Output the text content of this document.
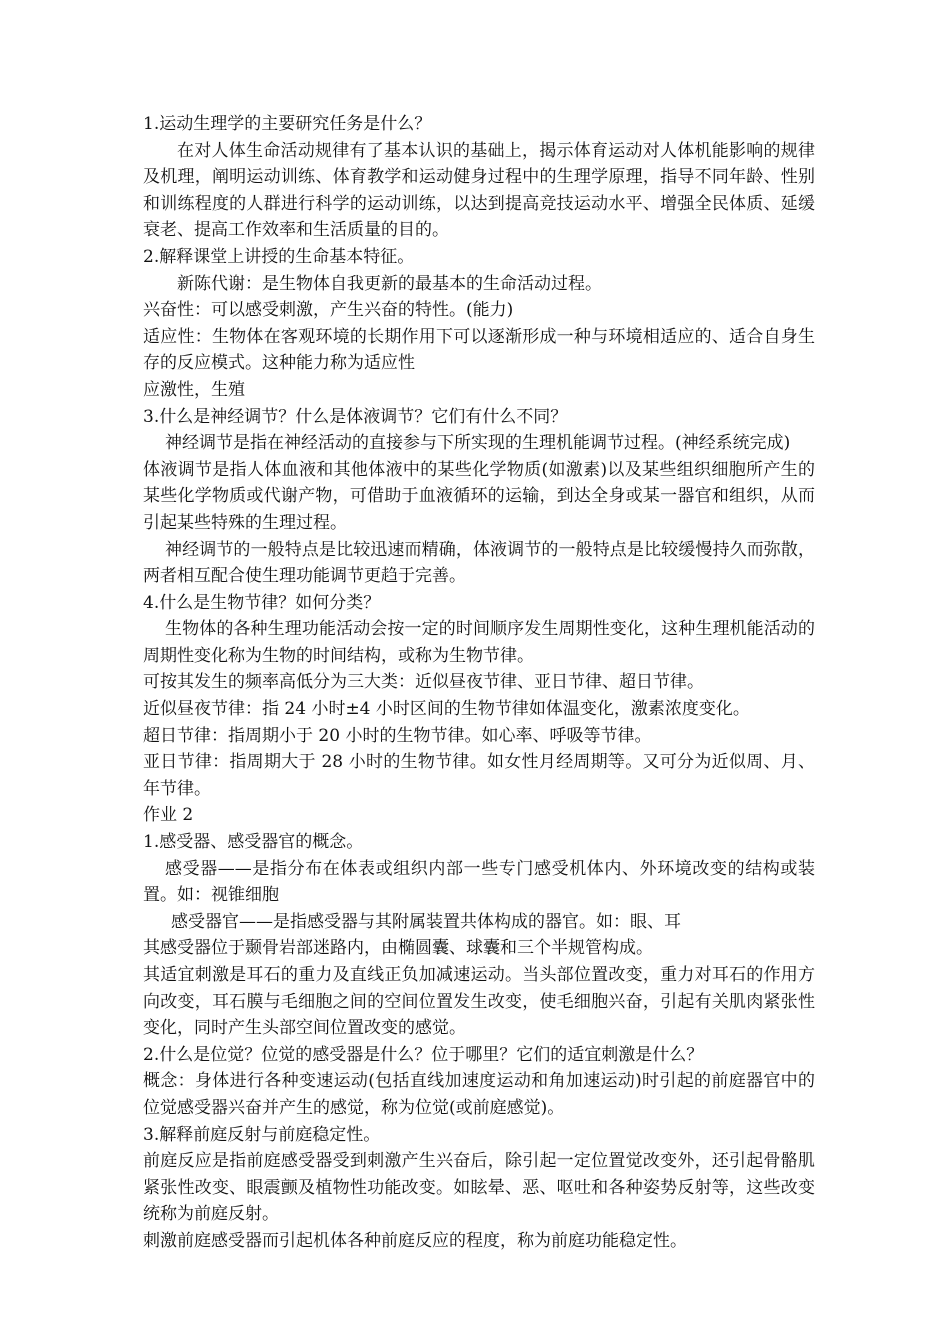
1.运动生理学的主要研究任务是什么？

在对人体生命活动规律有了基本认识的基础上，揭示体育运动对人体机能影响的规律及机理，阐明运动训练、体育教学和运动健身过程中的生理学原理，指导不同年龄、性别和训练程度的人群进行科学的运动训练，以达到提高竞技运动水平、增强全民体质、延缓衰老、提高工作效率和生活质量的目的。

2.解释课堂上讲授的生命基本特征。

新陈代谢：是生物体自我更新的最基本的生命活动过程。

兴奋性：可以感受刺激，产生兴奋的特性。(能力)

适应性：生物体在客观环境的长期作用下可以逐渐形成一种与环境相适应的、适合自身生存的反应模式。这种能力称为适应性

应激性，生殖

3.什么是神经调节？什么是体液调节？它们有什么不同？

神经调节是指在神经活动的直接参与下所实现的生理机能调节过程。(神经系统完成)

体液调节是指人体血液和其他体液中的某些化学物质(如激素)以及某些组织细胞所产生的某些化学物质或代谢产物，可借助于血液循环的运输，到达全身或某一器官和组织，从而引起某些特殊的生理过程。

神经调节的一般特点是比较迅速而精确，体液调节的一般特点是比较缓慢持久而弥散，两者相互配合使生理功能调节更趋于完善。

4.什么是生物节律？如何分类？

生物体的各种生理功能活动会按一定的时间顺序发生周期性变化，这种生理机能活动的周期性变化称为生物的时间结构，或称为生物节律。

可按其发生的频率高低分为三大类：近似昼夜节律、亚日节律、超日节律。

近似昼夜节律：指 24 小时±4 小时区间的生物节律如体温变化，激素浓度变化。

超日节律：指周期小于 20 小时的生物节律。如心率、呼吸等节律。

亚日节律：指周期大于 28 小时的生物节律。如女性月经周期等。又可分为近似周、月、年节律。

作业 2

1.感受器、感受器官的概念。

感受器——是指分布在体表或组织内部一些专门感受机体内、外环境改变的结构或装置。如：视锥细胞

感受器官——是指感受器与其附属装置共体构成的器官。如：眼、耳

其感受器位于颞骨岩部迷路内，由椭圆囊、球囊和三个半规管构成。

其适宜刺激是耳石的重力及直线正负加减速运动。当头部位置改变，重力对耳石的作用方向改变，耳石膜与毛细胞之间的空间位置发生改变，使毛细胞兴奋，引起有关肌肉紧张性变化，同时产生头部空间位置改变的感觉。

2.什么是位觉？位觉的感受器是什么？位于哪里？它们的适宜刺激是什么？

概念：身体进行各种变速运动(包括直线加速度运动和角加速运动)时引起的前庭器官中的位觉感受器兴奋并产生的感觉，称为位觉(或前庭感觉)。

3.解释前庭反射与前庭稳定性。

前庭反应是指前庭感受器受到刺激产生兴奋后，除引起一定位置觉改变外，还引起骨骼肌紧张性改变、眼震颤及植物性功能改变。如眩晕、恶、呕吐和各种姿势反射等，这些改变统称为前庭反射。

刺激前庭感受器而引起机体各种前庭反应的程度，称为前庭功能稳定性。
